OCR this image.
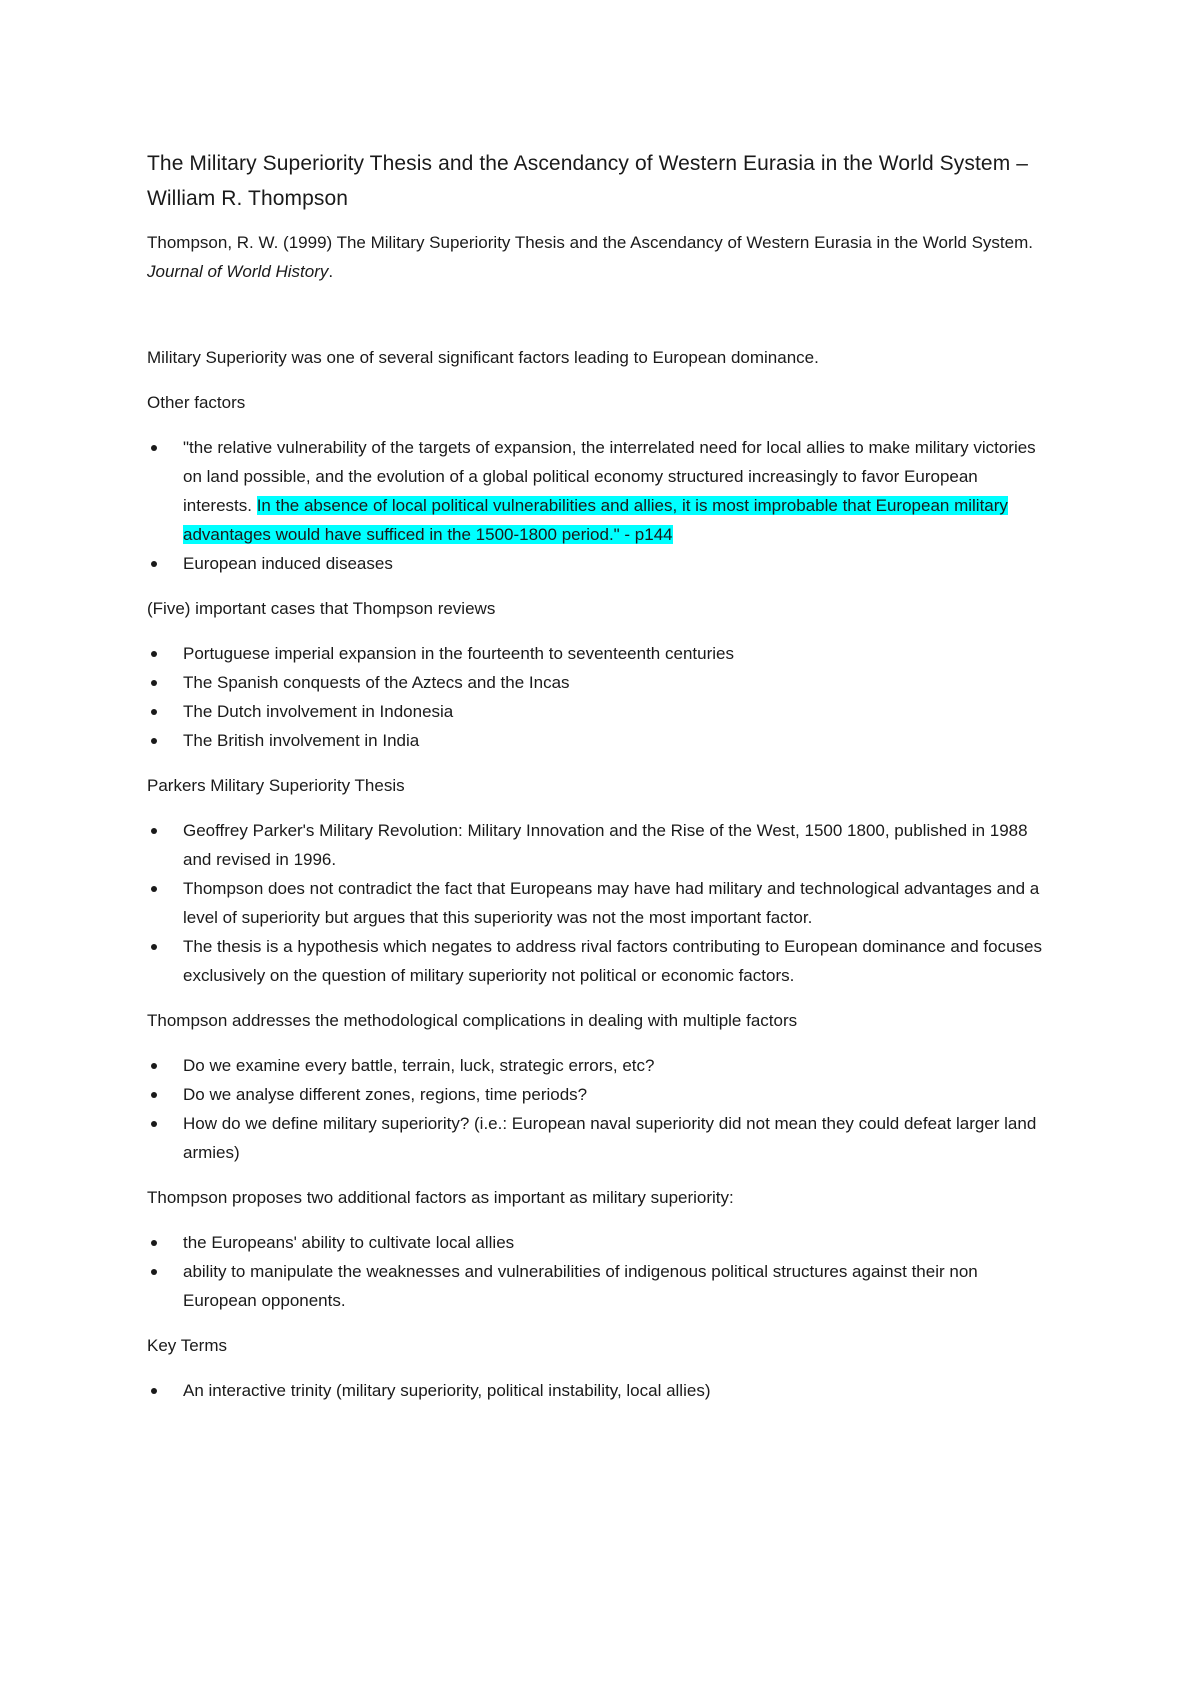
The Military Superiority Thesis and the Ascendancy of Western Eurasia in the World System – William R. Thompson

Thompson, R. W. (1999) The Military Superiority Thesis and the Ascendancy of Western Eurasia in the World System. Journal of World History.

Military Superiority was one of several significant factors leading to European dominance.

Other factors

"the relative vulnerability of the targets of expansion, the interrelated need for local allies to make military victories on land possible, and the evolution of a global political economy structured increasingly to favor European interests. In the absence of local political vulnerabilities and allies, it is most improbable that European military advantages would have sufficed in the 1500-1800 period." - p144
European induced diseases

(Five) important cases that Thompson reviews

Portuguese imperial expansion in the fourteenth to seventeenth centuries
The Spanish conquests of the Aztecs and the Incas
The Dutch involvement in Indonesia
The British involvement in India

Parkers Military Superiority Thesis

Geoffrey Parker's Military Revolution: Military Innovation and the Rise of the West, 1500 1800, published in 1988 and revised in 1996.
Thompson does not contradict the fact that Europeans may have had military and technological advantages and a level of superiority but argues that this superiority was not the most important factor.
The thesis is a hypothesis which negates to address rival factors contributing to European dominance and focuses exclusively on the question of military superiority not political or economic factors.

Thompson addresses the methodological complications in dealing with multiple factors

Do we examine every battle, terrain, luck, strategic errors, etc?
Do we analyse different zones, regions, time periods?
How do we define military superiority? (i.e.: European naval superiority did not mean they could defeat larger land armies)

Thompson proposes two additional factors as important as military superiority:

the Europeans' ability to cultivate local allies
ability to manipulate the weaknesses and vulnerabilities of indigenous political structures against their non European opponents.

Key Terms

An interactive trinity (military superiority, political instability, local allies)
